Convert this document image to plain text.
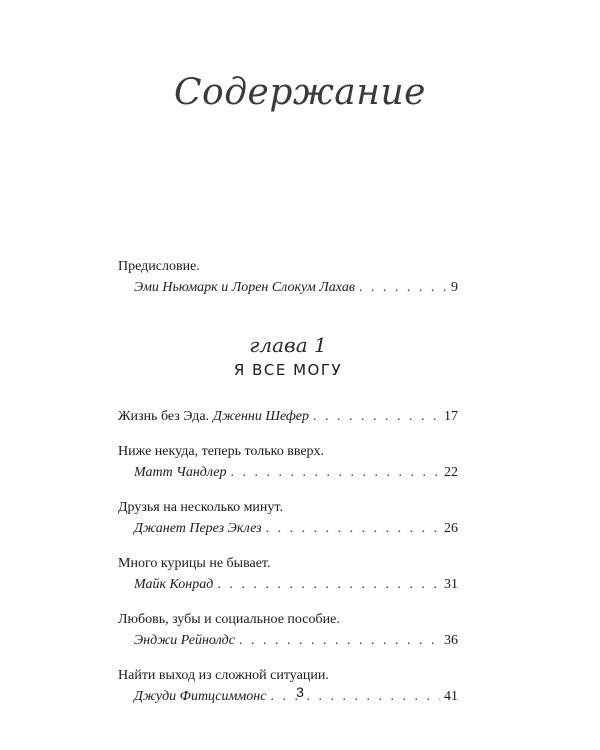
Содержание
Предисловие.
Эми Ньюмарк и Лорен Слокум Лахав . . .	9
глава 1
Я ВСЕ МОГУ
Жизнь без Эда. Дженни Шефер . . .	17
Ниже некуда, теперь только вверх.
Матт Чандлер . . .	22
Друзья на несколько минут.
Джанет Перез Эклез . . .	26
Много курицы не бывает.
Майк Конрад . . .	31
Любовь, зубы и социальное пособие.
Энджи Рейнолдс . . .	36
Найти выход из сложной ситуации.
Джуди Фитцсиммонс . . .	41
3
